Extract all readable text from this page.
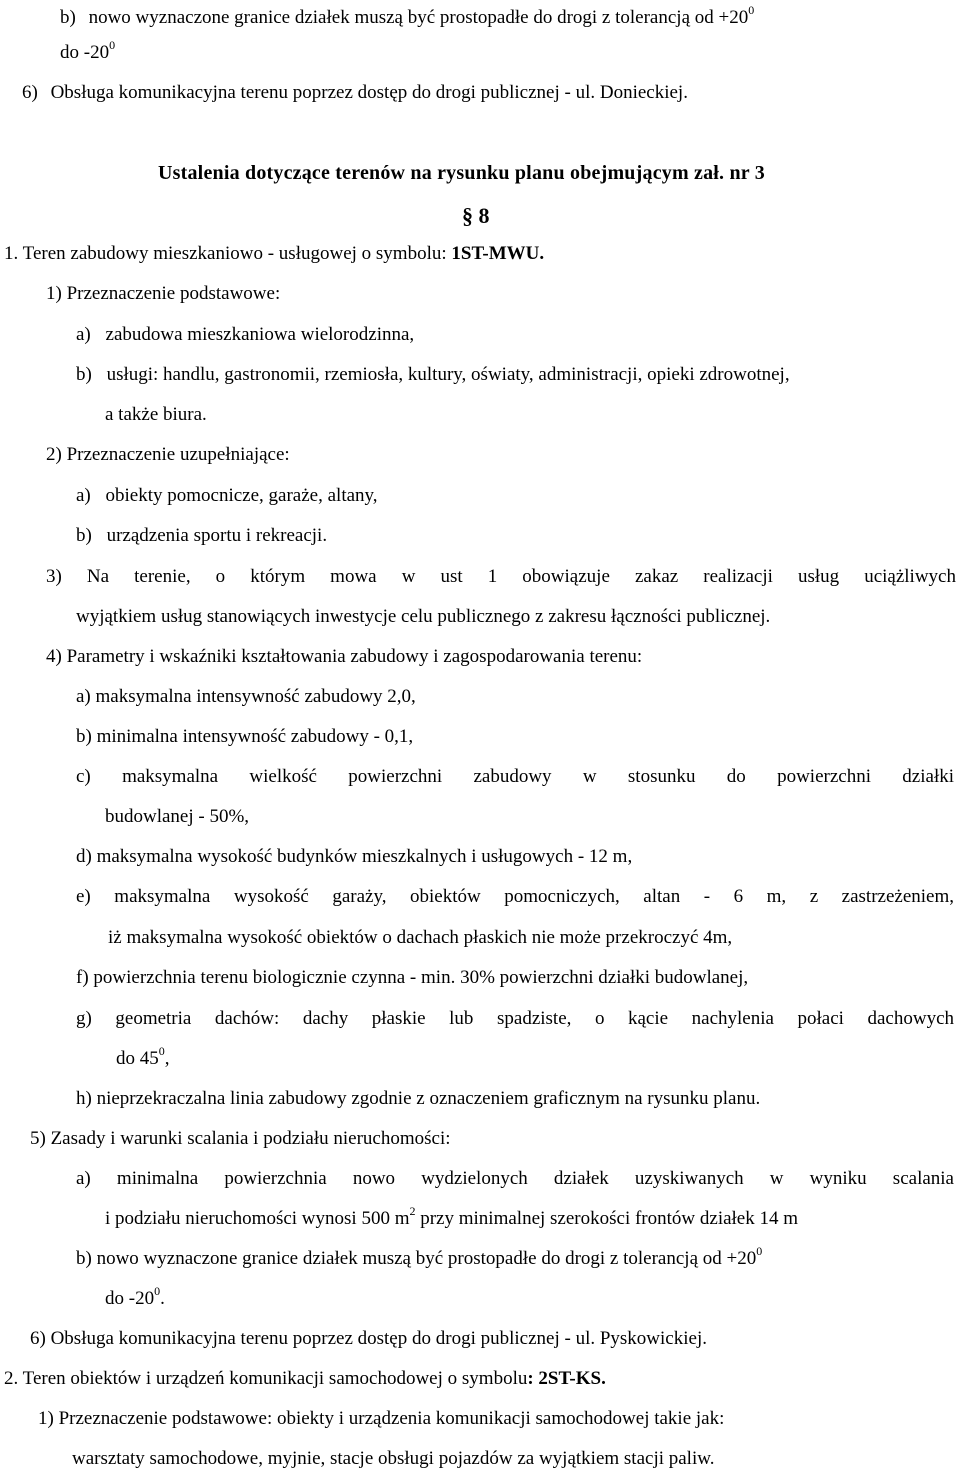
b) nowo wyznaczone granice działek muszą być prostopadłe do drogi z tolerancją od $+20^0$
do $-20^0$
6) Obsługa komunikacyjna terenu poprzez dostęp do drogi publicznej - ul. Donieckiej.
Ustalenia dotyczące terenów na rysunku planu obejmującym zał. nr 3
§ 8
1. Teren zabudowy mieszkaniowo - usługowej o symbolu: 1ST-MWU.
1) Przeznaczenie podstawowe:
a) zabudowa mieszkaniowa wielorodzinna,
b) usługi: handlu, gastronomii, rzemiosła, kultury, oświaty, administracji, opieki zdrowotnej,
a także biura.
2) Przeznaczenie uzupełniające:
a) obiekty pomocnicze, garaże, altany,
b) urządzenia sportu i rekreacji.
3) Na terenie, o którym mowa w ust 1 obowiązuje zakaz realizacji usług uciążliwych
wyjątkiem usług stanowiących inwestycje celu publicznego z zakresu łączności publicznej.
4) Parametry i wskaźniki kształtowania zabudowy i zagospodarowania terenu:
a) maksymalna intensywność zabudowy 2,0,
b) minimalna intensywność zabudowy - 0,1,
c) maksymalna wielkość powierzchni zabudowy w stosunku do powierzchni działki
budowlanej - 50%,
d) maksymalna wysokość budynków mieszkalnych i usługowych - 12 m,
e) maksymalna wysokość garaży, obiektów pomocniczych, altan - 6 m, z zastrzeżeniem,
iż maksymalna wysokość obiektów o dachach płaskich nie może przekroczyć 4m,
f) powierzchnia terenu biologicznie czynna - min. 30% powierzchni działki budowlanej,
g) geometria dachów: dachy płaskie lub spadziste, o kącie nachylenia połaci dachowych
do $45^0$,
h) nieprzekraczalna linia zabudowy zgodnie z oznaczeniem graficznym na rysunku planu.
5) Zasady i warunki scalania i podziału nieruchomości:
a) minimalna powierzchnia nowo wydzielonych działek uzyskiwanych w wyniku scalania
i podziału nieruchomości wynosi 500 $m^2$ przy minimalnej szerokości frontów działek 14 m
b) nowo wyznaczone granice działek muszą być prostopadłe do drogi z tolerancją od $+20^0$
do $-20^0$.
6) Obsługa komunikacyjna terenu poprzez dostęp do drogi publicznej - ul. Pyskowickiej.
2. Teren obiektów i urządzeń komunikacji samochodowej o symbolu: 2ST-KS.
1) Przeznaczenie podstawowe: obiekty i urządzenia komunikacji samochodowej takie jak:
warsztaty samochodowe, myjnie, stacje obsługi pojazdów za wyjątkiem stacji paliw.
